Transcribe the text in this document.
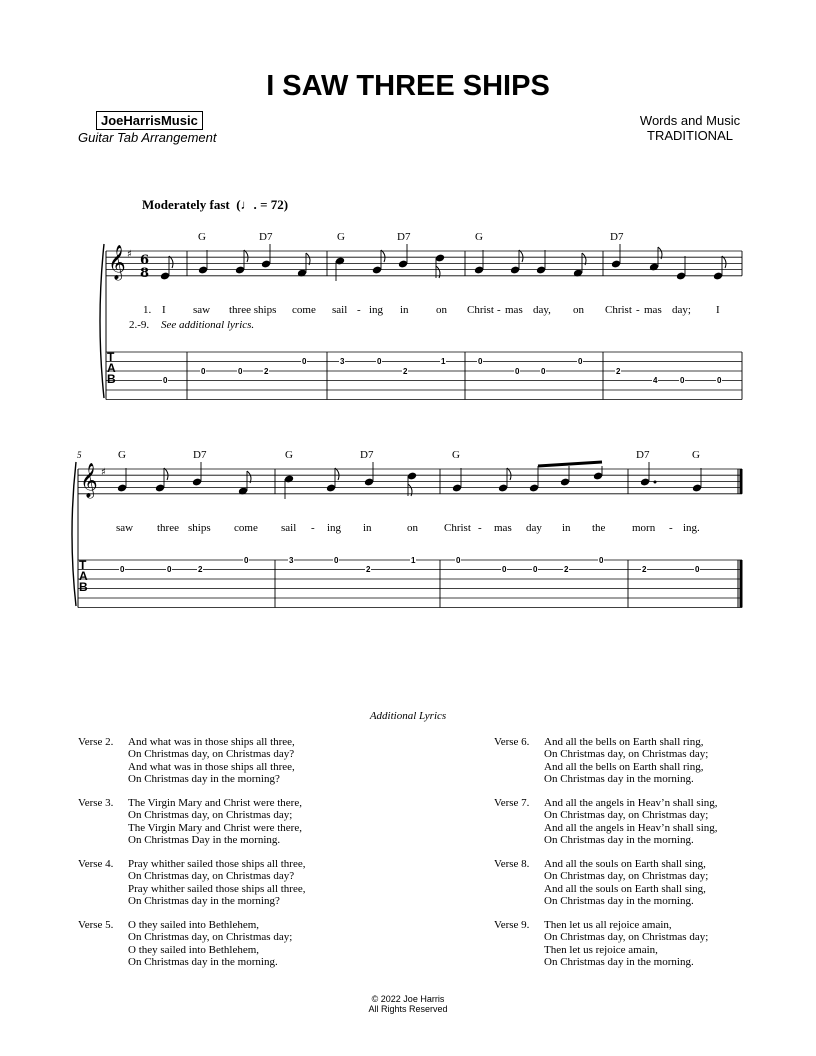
I SAW THREE SHIPS
JoeHarrisMusic
Guitar Tab Arrangement
Words and Music
TRADITIONAL
Moderately fast  (♩. = 72)
𝄞
𝄞
♯
♯
6
8
T
A
B
T
A
B
G	D7	G	D7	G	D7
I saw three ships come sail - ing in on Christ - mas day, on Christ - mas day; I
0
0	0	2
0	3	0
2
1	0
0	0
0
2
4	0	0
G	D7	G	D7	G	D7	G
saw three ships come sail - ing in	on Christ - mas day in the morn - ing.
0	0	2
0	3	0
2
1	0
0	0	2
0
2	0
1.
2.-9. See additional lyrics.
5
Additional Lyrics
Verse 2.	And what was in those ships all three,
On Christmas day, on Christmas day?
And what was in those ships all three,
On Christmas day in the morning?
Verse 3.	The Virgin Mary and Christ were there,
On Christmas day, on Christmas day;
The Virgin Mary and Christ were there,
On Christmas Day in the morning.
Verse 4.	Pray whither sailed those ships all three,
On Christmas day, on Christmas day?
Pray whither sailed those ships all three,
On Christmas day in the morning?
Verse 5.	O they sailed into Bethlehem,
On Christmas day, on Christmas day;
O they sailed into Bethlehem,
On Christmas day in the morning.
Verse 6.	And all the bells on Earth shall ring,
On Christmas day, on Christmas day;
And all the bells on Earth shall ring,
On Christmas day in the morning.
Verse 7.	And all the angels in Heav’n shall sing,
On Christmas day, on Christmas day;
And all the angels in Heav’n shall sing,
On Christmas day in the morning.
Verse 8.	And all the souls on Earth shall sing,
On Christmas day, on Christmas day;
And all the souls on Earth shall sing,
On Christmas day in the morning.
Verse 9.	Then let us all rejoice amain,
On Christmas day, on Christmas day;
Then let us rejoice amain,
On Christmas day in the morning.
© 2022 Joe Harris
All Rights Reserved
